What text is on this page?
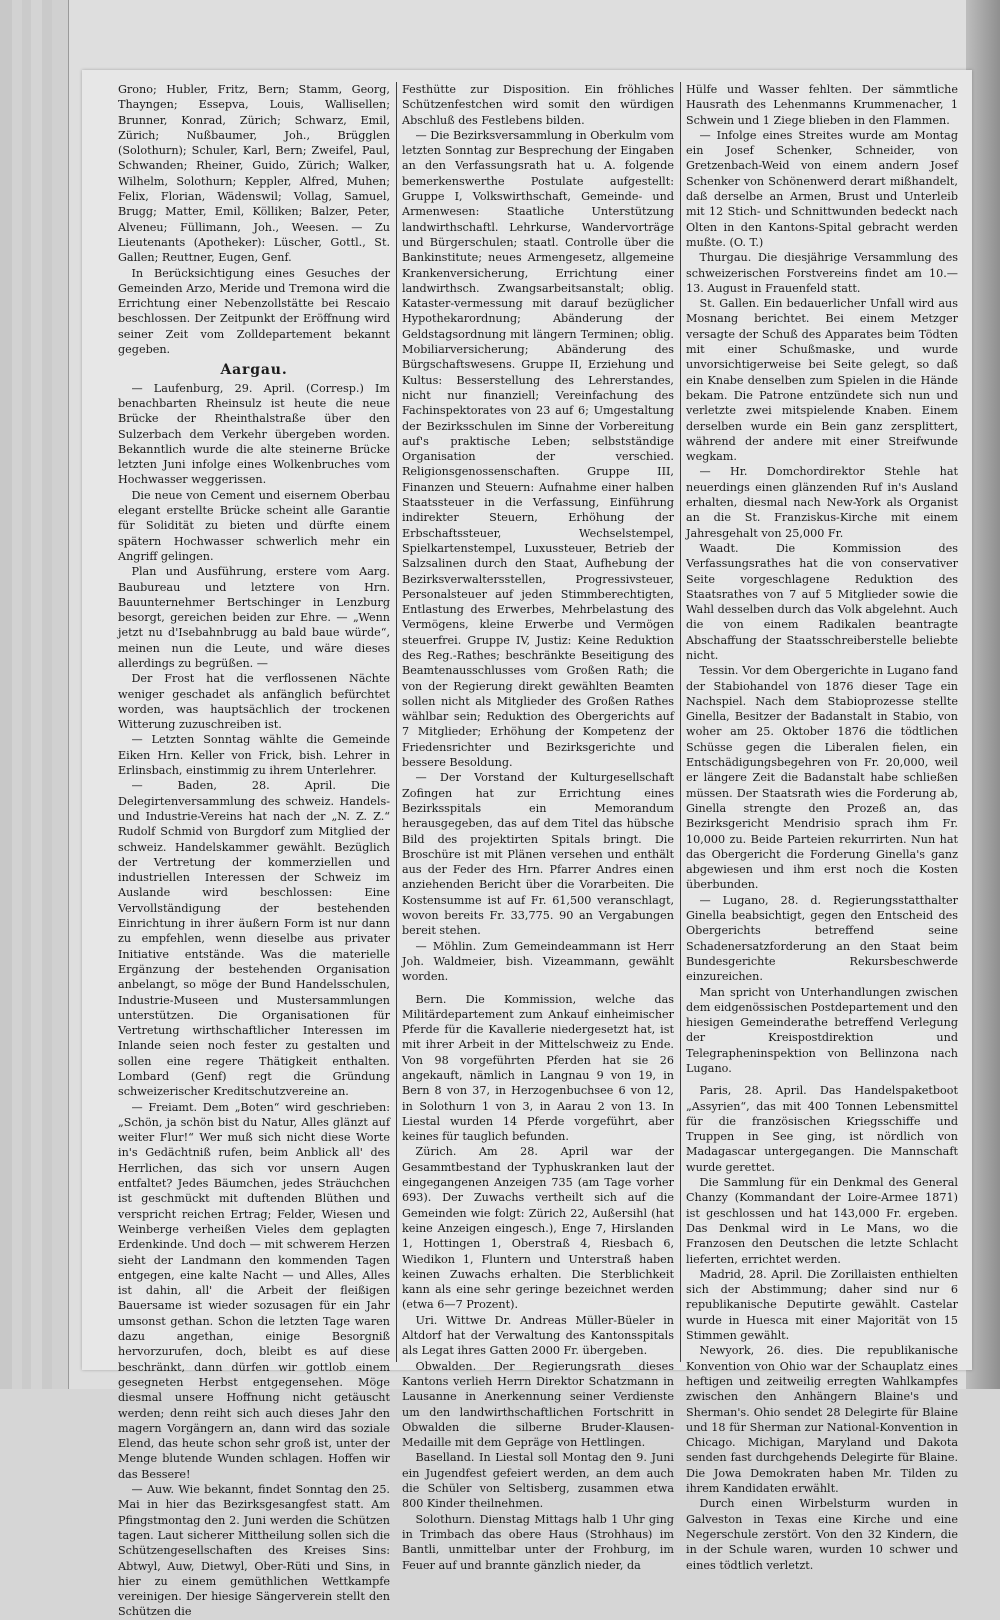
Grono; Hubler, Fritz, Bern; Stamm, Georg, Thayngen; Essepva, Louis, Wallisellen; Brunner, Konrad, Zürich; Schwarz, Emil, Zürich; Nußbaumer, Joh., Brügglen (Solothurn); Schuler, Karl, Bern; Zweifel, Paul, Schwanden; Rheiner, Guido, Zürich; Walker, Wilhelm, Solothurn; Keppler, Alfred, Muhen; Felix, Florian, Wädenswil; Vollag, Samuel, Brugg; Matter, Emil, Kölliken; Balzer, Peter, Alveneu; Füllimann, Joh., Weesen. — Zu Lieutenants (Apotheker): Lüscher, Gottl., St. Gallen; Reuttner, Eugen, Genf.

In Berücksichtigung eines Gesuches der Gemeinden Arzo, Meride und Tremona wird die Errichtung einer Nebenzollstätte bei Rescaio beschlossen. Der Zeitpunkt der Eröffnung wird seiner Zeit vom Zolldepartement bekannt gegeben.

Aargau.

— Laufenburg, 29. April. (Corresp.) Im benachbarten Rheinsulz ist heute die neue Brücke der Rheinthalstraße über den Sulzerbach dem Verkehr übergeben worden. Bekanntlich wurde die alte steinerne Brücke letzten Juni infolge eines Wolkenbruches vom Hochwasser weggerissen.

Die neue von Cement und eisernem Oberbau elegant erstellte Brücke scheint alle Garantie für Solidität zu bieten und dürfte einem spätern Hochwasser schwerlich mehr ein Angriff gelingen.

Plan und Ausführung, erstere vom Aarg. Baubureau und letztere von Hrn. Bauunternehmer Bertschinger in Lenzburg besorgt, gereichen beiden zur Ehre. — „Wenn jetzt nu d'Isebahnbrugg au bald baue würde“, meinen nun die Leute, und wäre dieses allerdings zu begrüßen. —

Der Frost hat die verflossenen Nächte weniger geschadet als anfänglich befürchtet worden, was hauptsächlich der trockenen Witterung zuzuschreiben ist.

— Letzten Sonntag wählte die Gemeinde Eiken Hrn. Keller von Frick, bish. Lehrer in Erlinsbach, einstimmig zu ihrem Unterlehrer.

— Baden, 28. April. Die Delegirtenversammlung des schweiz. Handels- und Industrie-Vereins hat nach der „N. Z. Z.“ Rudolf Schmid von Burgdorf zum Mitglied der schweiz. Handelskammer gewählt. Bezüglich der Vertretung der kommerziellen und industriellen Interessen der Schweiz im Auslande wird beschlossen: Eine Vervollständigung der bestehenden Einrichtung in ihrer äußern Form ist nur dann zu empfehlen, wenn dieselbe aus privater Initiative entstände. Was die materielle Ergänzung der bestehenden Organisation anbelangt, so möge der Bund Handelsschulen, Industrie-Museen und Mustersammlungen unterstützen. Die Organisationen für Vertretung wirthschaftlicher Interessen im Inlande seien noch fester zu gestalten und sollen eine regere Thätigkeit enthalten. Lombard (Genf) regt die Gründung schweizerischer Kreditschutzvereine an.

— Freiamt. Dem „Boten“ wird geschrieben: „Schön, ja schön bist du Natur, Alles glänzt auf weiter Flur!“ Wer muß sich nicht diese Worte in's Gedächtniß rufen, beim Anblick all' des Herrlichen, das sich vor unsern Augen entfaltet? Jedes Bäumchen, jedes Sträuchchen ist geschmückt mit duftenden Blüthen und verspricht reichen Ertrag; Felder, Wiesen und Weinberge verheißen Vieles dem geplagten Erdenkinde. Und doch — mit schwerem Herzen sieht der Landmann den kommenden Tagen entgegen, eine kalte Nacht — und Alles, Alles ist dahin, all' die Arbeit der fleißigen Bauersame ist wieder sozusagen für ein Jahr umsonst gethan. Schon die letzten Tage waren dazu angethan, einige Besorgniß hervorzurufen, doch, bleibt es auf diese beschränkt, dann dürfen wir gottlob einem gesegneten Herbst entgegensehen. Möge diesmal unsere Hoffnung nicht getäuscht werden; denn reiht sich auch dieses Jahr den magern Vorgängern an, dann wird das soziale Elend, das heute schon sehr groß ist, unter der Menge blutende Wunden schlagen. Hoffen wir das Bessere!

— Auw. Wie bekannt, findet Sonntag den 25. Mai in hier das Bezirksgesangfest statt. Am Pfingstmontag den 2. Juni werden die Schützen tagen. Laut sicherer Mittheilung sollen sich die Schützengesellschaften des Kreises Sins: Abtwyl, Auw, Dietwyl, Ober-Rüti und Sins, in hier zu einem gemüthlichen Wettkampfe vereinigen. Der hiesige Sängerverein stellt den Schützen die

Festhütte zur Disposition. Ein fröhliches Schützenfestchen wird somit den würdigen Abschluß des Festlebens bilden.

— Die Bezirksversammlung in Oberkulm vom letzten Sonntag zur Besprechung der Eingaben an den Verfassungsrath hat u. A. folgende bemerkenswerthe Postulate aufgestellt: Gruppe I, Volkswirthschaft, Gemeinde- und Armenwesen: Staatliche Unterstützung landwirthschaftl. Lehrkurse, Wandervorträge und Bürgerschulen; staatl. Controlle über die Bankinstitute; neues Armengesetz, allgemeine Krankenversicherung, Errichtung einer landwirthsch. Zwangsarbeitsanstalt; oblig. Kataster-vermessung mit darauf bezüglicher Hypothekarordnung; Abänderung der Geldstagsordnung mit längern Terminen; oblig. Mobiliarversicherung; Abänderung des Bürgschaftswesens. Gruppe II, Erziehung und Kultus: Besserstellung des Lehrerstandes, nicht nur finanziell; Vereinfachung des Fachinspektorates von 23 auf 6; Umgestaltung der Bezirksschulen im Sinne der Vorbereitung auf's praktische Leben; selbstständige Organisation der verschied. Religionsgenossenschaften. Gruppe III, Finanzen und Steuern: Aufnahme einer halben Staatssteuer in die Verfassung, Einführung indirekter Steuern, Erhöhung der Erbschaftssteuer, Wechselstempel, Spielkartenstempel, Luxussteuer, Betrieb der Salzsalinen durch den Staat, Aufhebung der Bezirksverwaltersstellen, Progressivsteuer, Personalsteuer auf jeden Stimmberechtigten, Entlastung des Erwerbes, Mehrbelastung des Vermögens, kleine Erwerbe und Vermögen steuerfrei. Gruppe IV, Justiz: Keine Reduktion des Reg.-Rathes; beschränkte Beseitigung des Beamtenausschlusses vom Großen Rath; die von der Regierung direkt gewählten Beamten sollen nicht als Mitglieder des Großen Rathes wählbar sein; Reduktion des Obergerichts auf 7 Mitglieder; Erhöhung der Kompetenz der Friedensrichter und Bezirksgerichte und bessere Besoldung.

— Der Vorstand der Kulturgesellschaft Zofingen hat zur Errichtung eines Bezirksspitals ein Memorandum herausgegeben, das auf dem Titel das hübsche Bild des projektirten Spitals bringt. Die Broschüre ist mit Plänen versehen und enthält aus der Feder des Hrn. Pfarrer Andres einen anziehenden Bericht über die Vorarbeiten. Die Kostensumme ist auf Fr. 61,500 veranschlagt, wovon bereits Fr. 33,775. 90 an Vergabungen bereit stehen.

— Möhlin. Zum Gemeindeammann ist Herr Joh. Waldmeier, bish. Vizeammann, gewählt worden.

Bern. Die Kommission, welche das Militärdepartement zum Ankauf einheimischer Pferde für die Kavallerie niedergesetzt hat, ist mit ihrer Arbeit in der Mittelschweiz zu Ende. Von 98 vorgeführten Pferden hat sie 26 angekauft, nämlich in Langnau 9 von 19, in Bern 8 von 37, in Herzogenbuchsee 6 von 12, in Solothurn 1 von 3, in Aarau 2 von 13. In Liestal wurden 14 Pferde vorgeführt, aber keines für tauglich befunden.

Zürich. Am 28. April war der Gesammtbestand der Typhuskranken laut der eingegangenen Anzeigen 735 (am Tage vorher 693). Der Zuwachs vertheilt sich auf die Gemeinden wie folgt: Zürich 22, Außersihl (hat keine Anzeigen eingesch.), Enge 7, Hirslanden 1, Hottingen 1, Oberstraß 4, Riesbach 6, Wiedikon 1, Fluntern und Unterstraß haben keinen Zuwachs erhalten. Die Sterblichkeit kann als eine sehr geringe bezeichnet werden (etwa 6—7 Prozent).

Uri. Wittwe Dr. Andreas Müller-Büeler in Altdorf hat der Verwaltung des Kantonsspitals als Legat ihres Gatten 2000 Fr. übergeben.

Obwalden. Der Regierungsrath dieses Kantons verlieh Herrn Direktor Schatzmann in Lausanne in Anerkennung seiner Verdienste um den landwirthschaftlichen Fortschritt in Obwalden die silberne Bruder-Klausen-Medaille mit dem Gepräge von Hettlingen.

Baselland. In Liestal soll Montag den 9. Juni ein Jugendfest gefeiert werden, an dem auch die Schüler von Seltisberg, zusammen etwa 800 Kinder theilnehmen.

Solothurn. Dienstag Mittags halb 1 Uhr ging in Trimbach das obere Haus (Strohhaus) im Bantli, unmittelbar unter der Frohburg, im Feuer auf und brannte gänzlich nieder, da

Hülfe und Wasser fehlten. Der sämmtliche Hausrath des Lehenmanns Krummenacher, 1 Schwein und 1 Ziege blieben in den Flammen.

— Infolge eines Streites wurde am Montag ein Josef Schenker, Schneider, von Gretzenbach-Weid von einem andern Josef Schenker von Schönenwerd derart mißhandelt, daß derselbe an Armen, Brust und Unterleib mit 12 Stich- und Schnittwunden bedeckt nach Olten in den Kantons-Spital gebracht werden mußte. (O. T.)

Thurgau. Die diesjährige Versammlung des schweizerischen Forstvereins findet am 10.—13. August in Frauenfeld statt.

St. Gallen. Ein bedauerlicher Unfall wird aus Mosnang berichtet. Bei einem Metzger versagte der Schuß des Apparates beim Tödten mit einer Schußmaske, und wurde unvorsichtigerweise bei Seite gelegt, so daß ein Knabe denselben zum Spielen in die Hände bekam. Die Patrone entzündete sich nun und verletzte zwei mitspielende Knaben. Einem derselben wurde ein Bein ganz zersplittert, während der andere mit einer Streifwunde wegkam.

— Hr. Domchordirektor Stehle hat neuerdings einen glänzenden Ruf in's Ausland erhalten, diesmal nach New-York als Organist an die St. Franziskus-Kirche mit einem Jahresgehalt von 25,000 Fr.

Waadt. Die Kommission des Verfassungsrathes hat die von conservativer Seite vorgeschlagene Reduktion des Staatsrathes von 7 auf 5 Mitglieder sowie die Wahl desselben durch das Volk abgelehnt. Auch die von einem Radikalen beantragte Abschaffung der Staatsschreiberstelle beliebte nicht.

Tessin. Vor dem Obergerichte in Lugano fand der Stabiohandel von 1876 dieser Tage ein Nachspiel. Nach dem Stabioprozesse stellte Ginella, Besitzer der Badanstalt in Stabio, von woher am 25. Oktober 1876 die tödtlichen Schüsse gegen die Liberalen fielen, ein Entschädigungsbegehren von Fr. 20,000, weil er längere Zeit die Badanstalt habe schließen müssen. Der Staatsrath wies die Forderung ab, Ginella strengte den Prozeß an, das Bezirksgericht Mendrisio sprach ihm Fr. 10,000 zu. Beide Parteien rekurrirten. Nun hat das Obergericht die Forderung Ginella's ganz abgewiesen und ihm erst noch die Kosten überbunden.

— Lugano, 28. d. Regierungsstatthalter Ginella beabsichtigt, gegen den Entscheid des Obergerichts betreffend seine Schadenersatzforderung an den Staat beim Bundesgerichte Rekursbeschwerde einzureichen.

Man spricht von Unterhandlungen zwischen dem eidgenössischen Postdepartement und den hiesigen Gemeinderathe betreffend Verlegung der Kreispostdirektion und Telegrapheninspektion von Bellinzona nach Lugano.

Paris, 28. April. Das Handelspaketboot „Assyrien“, das mit 400 Tonnen Lebensmittel für die französischen Kriegsschiffe und Truppen in See ging, ist nördlich von Madagascar untergegangen. Die Mannschaft wurde gerettet.

Die Sammlung für ein Denkmal des General Chanzy (Kommandant der Loire-Armee 1871) ist geschlossen und hat 143,000 Fr. ergeben. Das Denkmal wird in Le Mans, wo die Franzosen den Deutschen die letzte Schlacht lieferten, errichtet werden.

Madrid, 28. April. Die Zorillaisten enthielten sich der Abstimmung; daher sind nur 6 republikanische Deputirte gewählt. Castelar wurde in Huesca mit einer Majorität von 15 Stimmen gewählt.

Newyork, 26. dies. Die republikanische Konvention von Ohio war der Schauplatz eines heftigen und zeitweilig erregten Wahlkampfes zwischen den Anhängern Blaine's und Sherman's. Ohio sendet 28 Delegirte für Blaine und 18 für Sherman zur National-Konvention in Chicago. Michigan, Maryland und Dakota senden fast durchgehends Delegirte für Blaine. Die Jowa Demokraten haben Mr. Tilden zu ihrem Kandidaten erwählt.

Durch einen Wirbelsturm wurden in Galveston in Texas eine Kirche und eine Negerschule zerstört. Von den 32 Kindern, die in der Schule waren, wurden 10 schwer und eines tödtlich verletzt.
